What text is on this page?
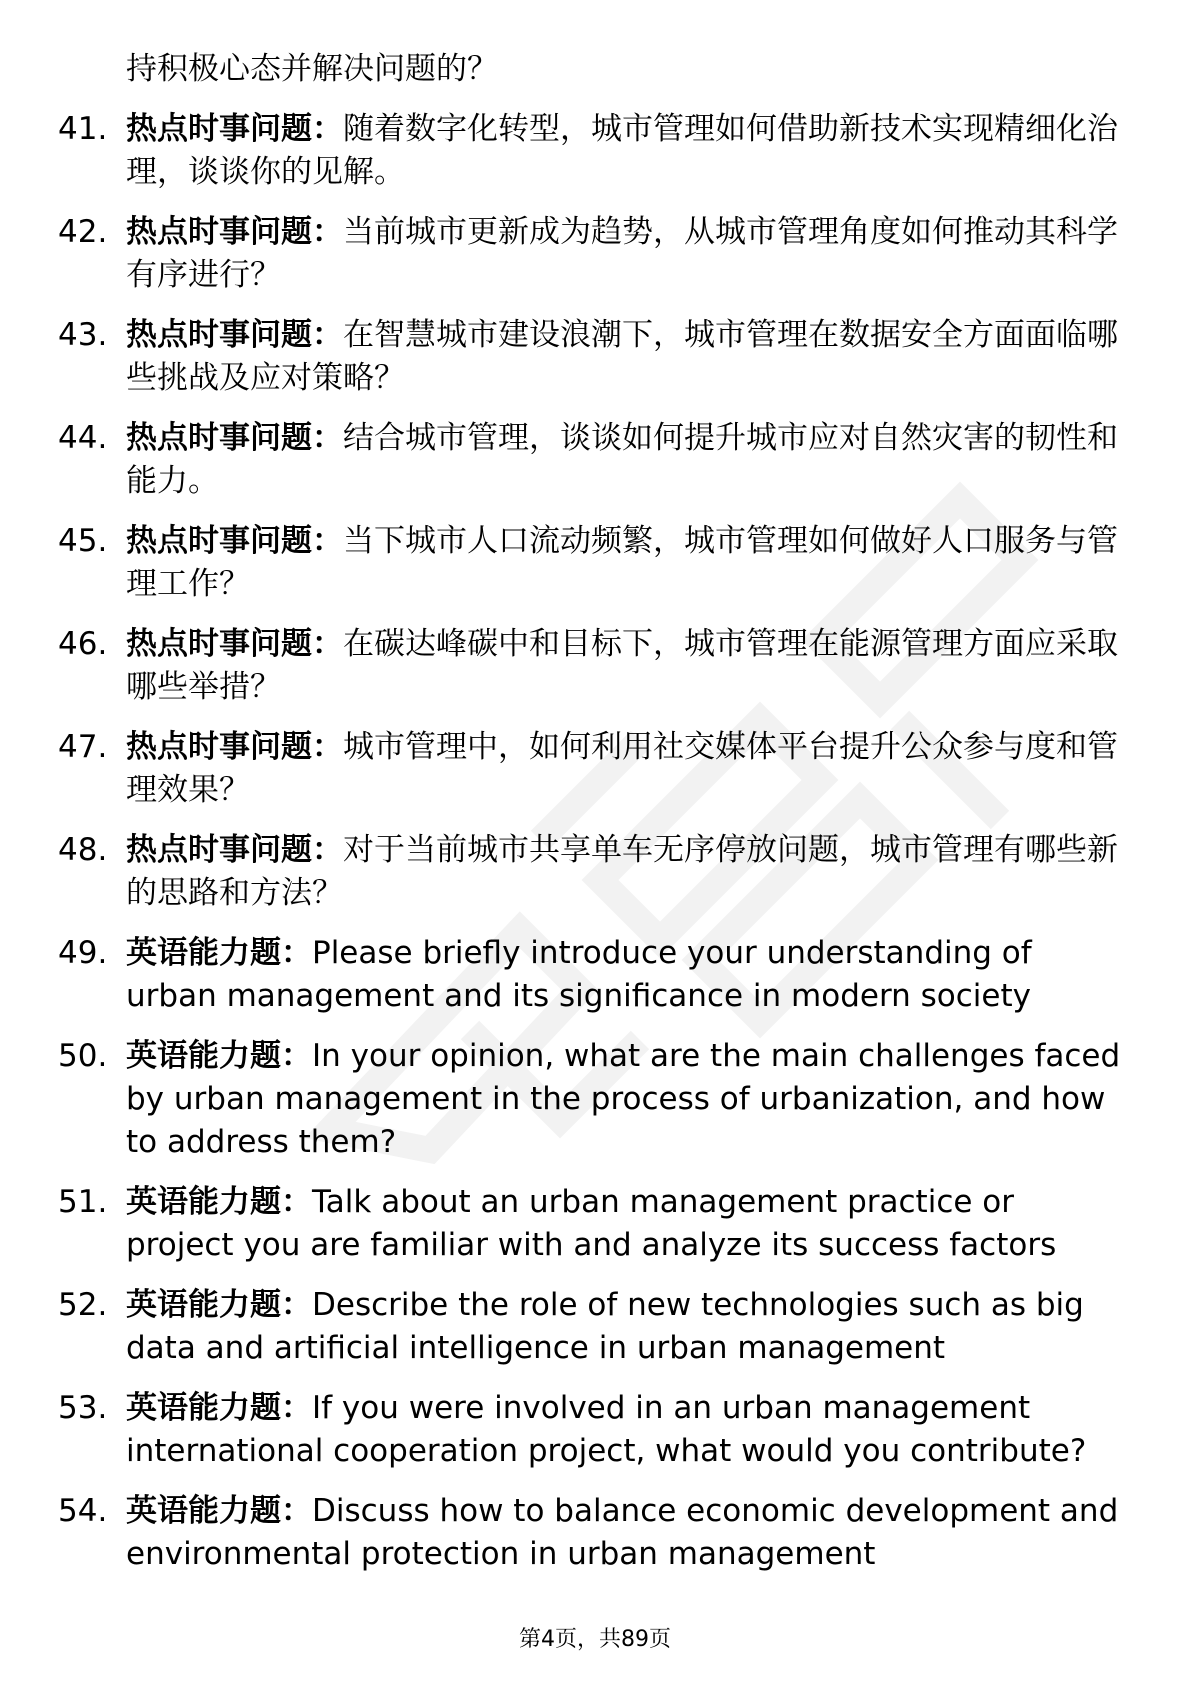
持积极心态并解决问题的？
41. 热点时事问题：随着数字化转型，城市管理如何借助新技术实现精细化治理，谈谈你的见解。
42. 热点时事问题：当前城市更新成为趋势，从城市管理角度如何推动其科学有序进行？
43. 热点时事问题：在智慧城市建设浪潮下，城市管理在数据安全方面面临哪些挑战及应对策略？
44. 热点时事问题：结合城市管理，谈谈如何提升城市应对自然灾害的韧性和能力。
45. 热点时事问题：当下城市人口流动频繁，城市管理如何做好人口服务与管理工作？
46. 热点时事问题：在碳达峰碳中和目标下，城市管理在能源管理方面应采取哪些举措？
47. 热点时事问题：城市管理中，如何利用社交媒体平台提升公众参与度和管理效果？
48. 热点时事问题：对于当前城市共享单车无序停放问题，城市管理有哪些新的思路和方法？
49. 英语能力题：Please briefly introduce your understanding of urban management and its significance in modern society
50. 英语能力题：In your opinion, what are the main challenges faced by urban management in the process of urbanization, and how to address them?
51. 英语能力题：Talk about an urban management practice or project you are familiar with and analyze its success factors
52. 英语能力题：Describe the role of new technologies such as big data and artificial intelligence in urban management
53. 英语能力题：If you were involved in an urban management international cooperation project, what would you contribute?
54. 英语能力题：Discuss how to balance economic development and environmental protection in urban management
第4页，共89页
